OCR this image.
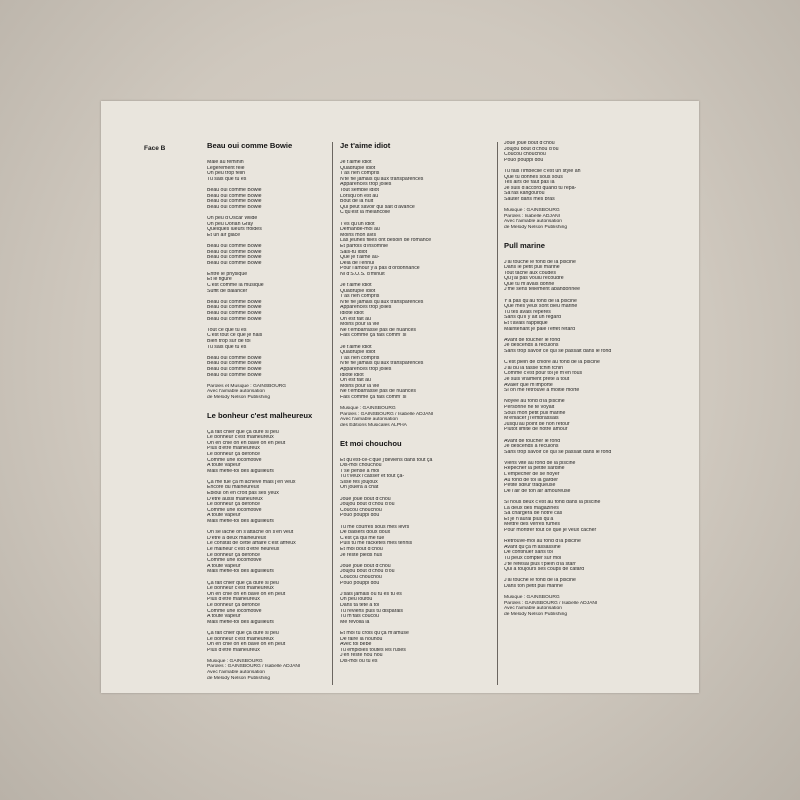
Face B	Beau oui comme Bowie
Mâle au féminin
Légèrement félé
Un peu trop félin
Tu sais que tu es
Beau oui comme Bowie
Beau oui comme Bowie
Beau oui comme Bowie
Beau oui comme Bowie
Un peu d'Oscar Wilde
Un peu Dorian Gray
Quelques lueurs froides
Et un air glacé
Beau oui comme Bowie
Beau oui comme Bowie
Beau oui comme Bowie
Beau oui comme Bowie
Entre le physique
Et le figuré
C'est comme la musique
Suffit de balancer
Beau oui comme Bowie
Beau oui comme Bowie
Beau oui comme Bowie
Beau oui comme Bowie
Tout ce que tu es
C'est tout ce que je hais
Bien trop sûr de toi
Tu sais que tu es
Beau oui comme Bowie
Beau oui comme Bowie
Beau oui comme Bowie
Beau oui comme Bowie
Paroles et Musique : GAINSBOURG
Avec l'aimable autorisation
de Melody Nelson Publishing
Le bonheur c'est malheureux
Ça fait chier que ça dure si peu
Le bonheur c'est malheureux
On en chie on en bave on en peut
Plus d'être malheureux
Le bonheur ça défonce
Comme une locomotive
A toute vapeur
Mais méfie-toi des aiguilleurs
Ça me tue ça m'achève mais j'en veux
Encore du malheureux
Ébloui on en croit pas ses yeux
D'être aussi malheureux
Le bonheur ça défonce
Comme une locomotive
A toute vapeur
Mais méfie-toi des aiguilleurs
On se lâche on s'attache on s'en veut
D'être à deux malheureux
Le constat de cette affaire c'est affreux
Le malheur c'est d'être heureux
Le bonheur ça défonce
Comme une locomotive
A toute vapeur
Mais méfie-toi des aiguilleurs
Ça fait chier que ça dure si peu
Le bonheur c'est malheureux
On en chie on en bave on en peut
Plus d'être malheureux
Le bonheur ça défonce
Comme une locomotive
A toute vapeur
Mais méfie-toi des aiguilleurs
Ça fait chier que ça dure si peu
Le bonheur c'est malheureux
On en chie on en bave on en peut
Plus d'être malheureux
Musique : GAINSBOURG
Paroles : GAINSBOURG / Isabelle ADJANI
Avec l'aimable autorisation
de Melody Nelson Publishing
Je t'aime idiot
Je t'aime idiot
Quadruple idiot
T'as rien compris
N'te fie jamais qu'aux transparences
Apparences trop jolies
Tout semble idiot
Lorsqu'on est au
Bout de la nuit
Qui peut savoir qui sait d'avance
C'qu'est la mélancolie
T'es qu'un idiot
Demande-moi au
Moins mon avis
Las jeunes filles ont besoin de romance
Et parfois d'insomnie
Sais-tu idiot
Que je t'aime au-
Delà de l'ennui
Pour l'amour y'a pas d'ordonnance
Ni d'S.O.S. d'minuit
Je t'aime idiot
Quadruple idiot
T'as rien compris
N'te fie jamais qu'aux transparences
Apparences trop jolies
Idiote idiot
On est fait au
Moins pour la vie
Ne t'embarrasse pas de nuances
Fais comme ça fais comm' si
Je t'aime idiot
Quadruple idiot
T'as rien compris
N'te fie jamais qu'aux transparences
Apparences trop jolies
Idiote idiot
On est fait au
Moins pour la vie
Ne t'embarrasse pas de nuances
Fais comme ça fais comm' si
Musique : GAINSBOURG
Paroles : GAINSBOURG / Isabelle ADJANI
Avec l'aimable autorisation
des Éditions Musicales ALPHA
Et moi chouchou
Et qu'est-ce-c'que j'deviens dans tout ça
Dis-moi chouchou
T'se pensé à moi
Tu t'veux l'casser et tout ça-
Ssse fes joujoux
On jouera à chat
Joue joue bout d'chou
Joujou bout d'chou d'où
Coucou chouchou
Pouo pouppi dou
Tu me courres sous mes levrs
De baisers doux doux
C'est ça qui me tue
Puis tu me racketes mes tennis
Et moi bout d'chou
Je reste pieds nus
Joue joue bout d'chou
Joujou bout d'chou d'où
Coucou chouchou
Pouo pouppi dou
J'sais jamais où tu es tu es
Un peu loufou
Dans ta tête à toi
Tu reviens puis tu disparais
Tu m'fais coucou
Me revoilà là
Et moi tu crois qu'ça m'amuse
De faire la nounou
Avec toi bébé
Tu emploies toutes les ruses
J'en reste hou hou
Dis-moi où tu es
Joue joue bout d'chou
Joujou bout d'chou d'où
Coucou chouchou
Pouo pouppi dou
Tu fais l'imbécile c'est un style ah
Que tu donnes sous sous
Tes airs de faut pas là
Je suis d'accord quand tu repa-
Sa'ras kangourou
Sauter dans mes bras
Musique : GAINSBOURG
Paroles : Isabelle ADJANI
Avec l'aimable autorisation
de Melody Nelson Publishing
Pull marine
J'ai touché le fond de la piscine
Dans le petit pull marine
Tout tâché aux coudes
Qu'j'ai pas voulu recoudre
Que tu m'avais donné
J'me sens tellement abandonnée
Y'a pas qu'au fond de la piscine
Que mes yeux sont bleu marine
Tu tes avais repérés
Sans qu'il y ait un regard
Et t'avais rappliqué
Maintenant je paie l'effet retard
Avant de toucher le fond
Je descends à reculons
Sans trop savoir ce qui se passait dans le fond
C'est plein de chlore au fond de la piscine
J'ai bu la tasse tchin tchin
Comme c'est pour toi je m'en fous
Je suis vraiment prête à tout
Avaler que m'importe
Si on me retrouve à moitié morte
Noyée au fond d'la piscine
Personne ne te voyait
Sous mon petit pull marine
M'enlacer j'l'embrassais
Jusqu'au point de non retour
Plutôt limite de notre amour
Avant de toucher le fond
Je descends à reculons
Sans trop savoir ce qui se passait dans le fond
Viens vite au fond de la piscine
Repêcher la petite sardine
L'empêcher de se noyer
Au fond de toi la garder
Petite sœur traqueuse
De l'air de ton air amoureuse
Si nous deux c'est au fond dans la piscine
La deux des magazines
Sa chargera de notre cas
Et je n'aurai plus qu'à
Mettre des verres fumés
Pour montrer tout ce que je veux cacher
Retrouve-moi au fond d'la piscine
Avant qu'ça m'assassine
De continuer sans toi
Tu peux compter sur moi
J'te refesai plus t'plein d'la starr
Qui à toujours ses coups de cafard
J'ai touché le fond de la piscine
Dans ton petit pull marine
Musique : GAINSBOURG
Paroles : GAINSBOURG / Isabelle ADJANI
Avec l'aimable autorisation
de Melody Nelson Publishing
